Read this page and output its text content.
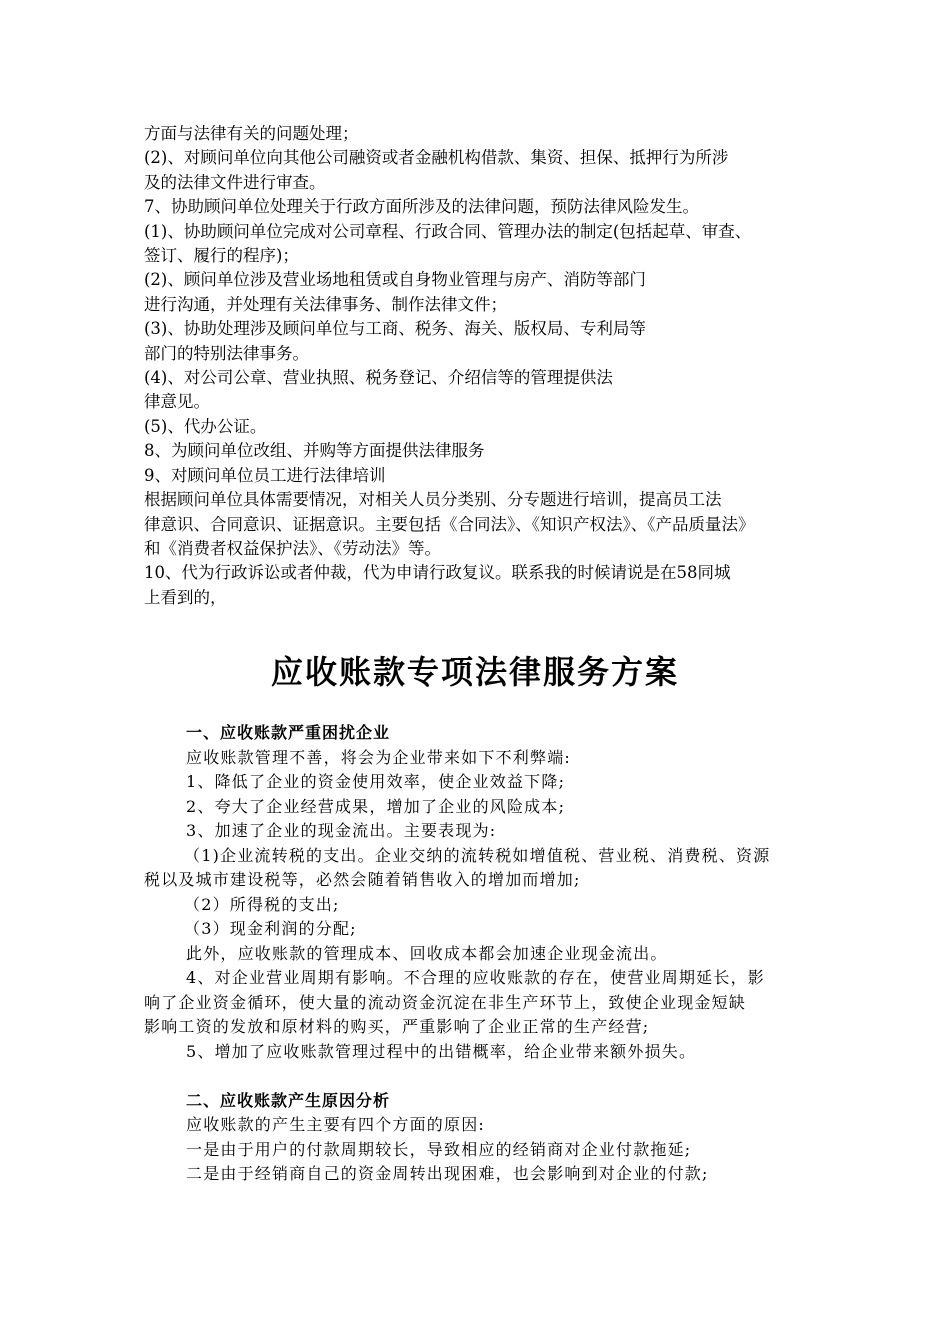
方面与法律有关的问题处理；
(2)、对顾问单位向其他公司融资或者金融机构借款、集资、担保、抵押行为所涉
及的法律文件进行审查。
7、协助顾问单位处理关于行政方面所涉及的法律问题，预防法律风险发生。
(1)、协助顾问单位完成对公司章程、行政合同、管理办法的制定(包括起草、审查、
签订、履行的程序)；
(2)、顾问单位涉及营业场地租赁或自身物业管理与房产、消防等部门
进行沟通，并处理有关法律事务、制作法律文件；
(3)、协助处理涉及顾问单位与工商、税务、海关、版权局、专利局等
部门的特别法律事务。
(4)、对公司公章、营业执照、税务登记、介绍信等的管理提供法
律意见。
(5)、代办公证。
8、为顾问单位改组、并购等方面提供法律服务
9、对顾问单位员工进行法律培训
根据顾问单位具体需要情况，对相关人员分类别、分专题进行培训，提高员工法
律意识、合同意识、证据意识。主要包括《合同法》、《知识产权法》、《产品质量法》
和《消费者权益保护法》、《劳动法》等。
10、代为行政诉讼或者仲裁，代为申请行政复议。联系我的时候请说是在58同城
上看到的，
应收账款专项法律服务方案
一、应收账款严重困扰企业
应收账款管理不善，将会为企业带来如下不利弊端:
1、降低了企业的资金使用效率，使企业效益下降;
2、夸大了企业经营成果，增加了企业的风险成本;
3、加速了企业的现金流出。主要表现为:
（1)企业流转税的支出。企业交纳的流转税如增值税、营业税、消费税、资源
税以及城市建设税等，必然会随着销售收入的增加而增加;
（2）所得税的支出;
（3）现金利润的分配;
此外，应收账款的管理成本、回收成本都会加速企业现金流出。
4、对企业营业周期有影响。不合理的应收账款的存在，使营业周期延长，影
响了企业资金循环，使大量的流动资金沉淀在非生产环节上，致使企业现金短缺
影响工资的发放和原材料的购买，严重影响了企业正常的生产经营;
5、增加了应收账款管理过程中的出错概率，给企业带来额外损失。
二、应收账款产生原因分析
应收账款的产生主要有四个方面的原因:
一是由于用户的付款周期较长，导致相应的经销商对企业付款拖延;
二是由于经销商自己的资金周转出现困难，也会影响到对企业的付款;
